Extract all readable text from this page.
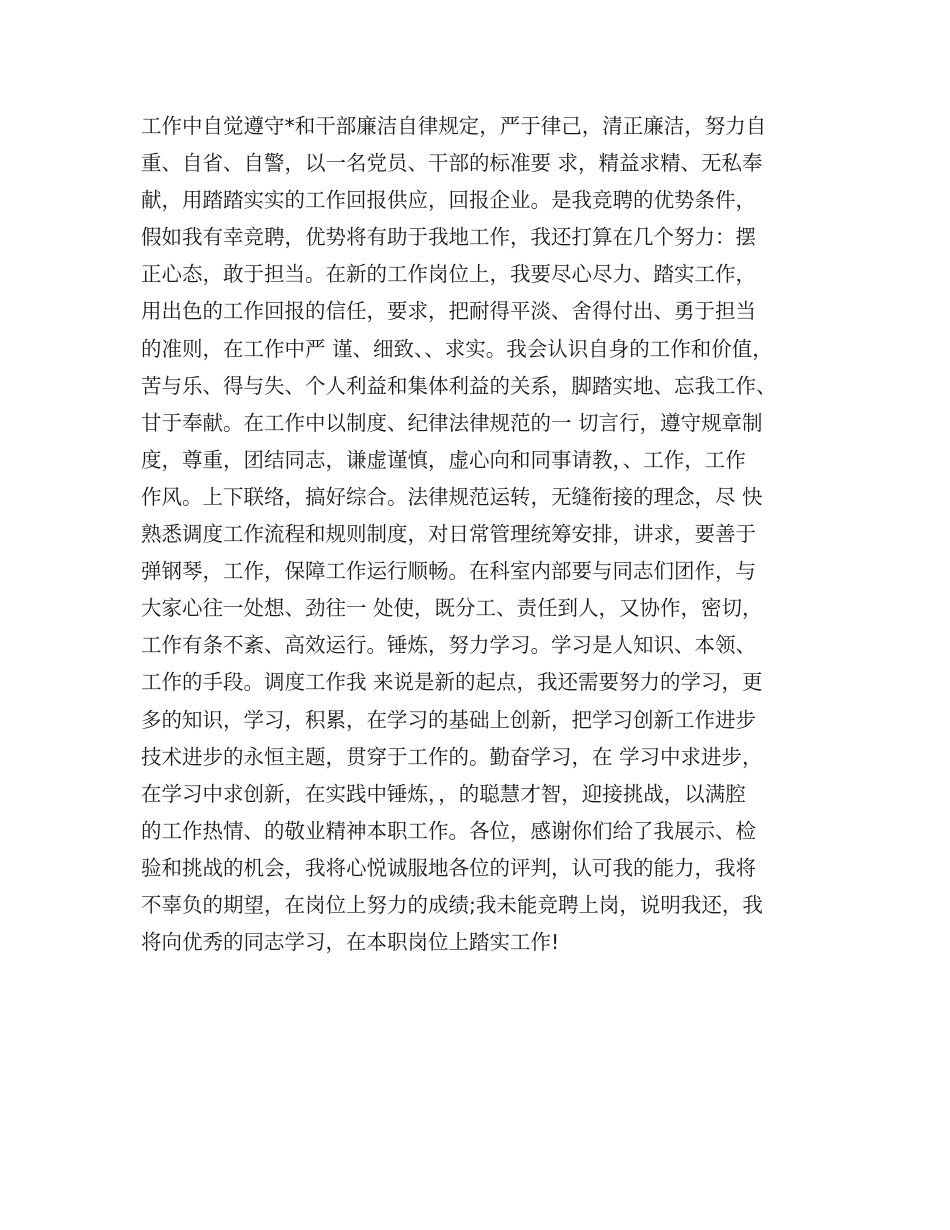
工作中自觉遵守*和干部廉洁自律规定，严于律己，清正廉洁，努力自
重、自省、自警，以一名党员、干部的标准要 求，精益求精、无私奉
献，用踏踏实实的工作回报供应，回报企业。是我竞聘的优势条件，
假如我有幸竞聘，优势将有助于我地工作，我还打算在几个努力：摆
正心态，敢于担当。在新的工作岗位上，我要尽心尽力、踏实工作，
用出色的工作回报的信任，要求，把耐得平淡、舍得付出、勇于担当
的准则，在工作中严 谨、细致、、求实。我会认识自身的工作和价值，
苦与乐、得与失、个人利益和集体利益的关系，脚踏实地、忘我工作、
甘于奉献。在工作中以制度、纪律法律规范的一 切言行，遵守规章制
度，尊重，团结同志，谦虚谨慎，虚心向和同事请教，、工作，工作
作风。上下联络，搞好综合。法律规范运转，无缝衔接的理念，尽 快
熟悉调度工作流程和规则制度，对日常管理统筹安排，讲求，要善于
弹钢琴，工作，保障工作运行顺畅。在科室内部要与同志们团作，与
大家心往一处想、劲往一 处使，既分工、责任到人，又协作，密切，
工作有条不紊、高效运行。锤炼，努力学习。学习是人知识、本领、
工作的手段。调度工作我 来说是新的起点，我还需要努力的学习，更
多的知识，学习，积累，在学习的基础上创新，把学习创新工作进步
技术进步的永恒主题，贯穿于工作的。勤奋学习，在 学习中求进步，
在学习中求创新，在实践中锤炼，，的聪慧才智，迎接挑战，以满腔
的工作热情、的敬业精神本职工作。各位，感谢你们给了我展示、检
验和挑战的机会，我将心悦诚服地各位的评判，认可我的能力，我将
不辜负的期望，在岗位上努力的成绩;我未能竞聘上岗，说明我还，我
将向优秀的同志学习，在本职岗位上踏实工作!
